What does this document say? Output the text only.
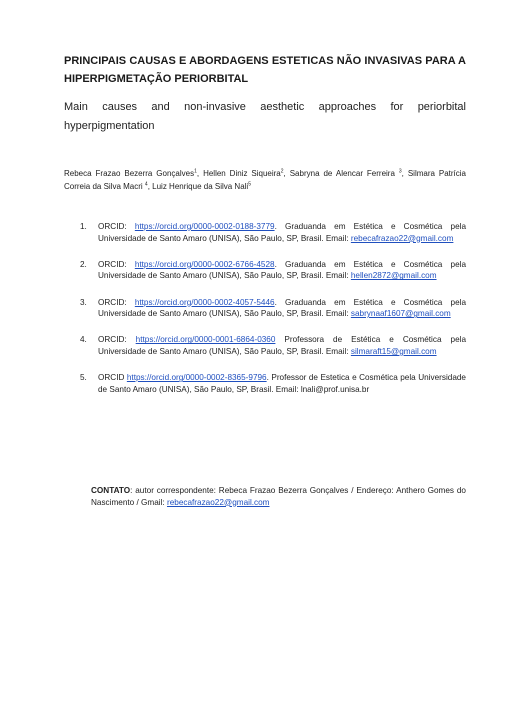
PRINCIPAIS CAUSAS E ABORDAGENS ESTETICAS NÃO INVASIVAS PARA A HIPERPIGMETAÇÃO PERIORBITAL

Main causes and non-invasive aesthetic approaches for periorbital hyperpigmentation

Rebeca Frazao Bezerra Gonçalves$^1$, Hellen Diniz Siqueira$^2$, Sabryna de Alencar Ferreira $^3$, Silmara Patrícia Correia da Silva Macri $^4$, Luiz Henrique da Silva Nali$^5$

1. ORCID: https://orcid.org/0000-0002-0188-3779. Graduanda em Estética e Cosmética pela Universidade de Santo Amaro (UNISA), São Paulo, SP, Brasil. Email: rebecafrazao22@gmail.com
2. ORCID: https://orcid.org/0000-0002-6766-4528. Graduanda em Estética e Cosmética pela Universidade de Santo Amaro (UNISA), São Paulo, SP, Brasil. Email: hellen2872@gmail.com
3. ORCID: https://orcid.org/0000-0002-4057-5446. Graduanda em Estética e Cosmética pela Universidade de Santo Amaro (UNISA), São Paulo, SP, Brasil. Email: sabrynaaf1607@gmail.com
4. ORCID: https://orcid.org/0000-0001-6864-0360 Professora de Estética e Cosmética pela Universidade de Santo Amaro (UNISA), São Paulo, SP, Brasil. Email: silmaraft15@gmail.com
5. ORCID https://orcid.org/0000-0002-8365-9796. Professor de Estetica e Cosmética pela Universidade de Santo Amaro (UNISA), São Paulo, SP, Brasil. Email: lnali@prof.unisa.br

CONTATO: autor correspondente: Rebeca Frazao Bezerra Gonçalves / Endereço: Anthero Gomes do Nascimento / Gmail: rebecafrazao22@gmail.com
